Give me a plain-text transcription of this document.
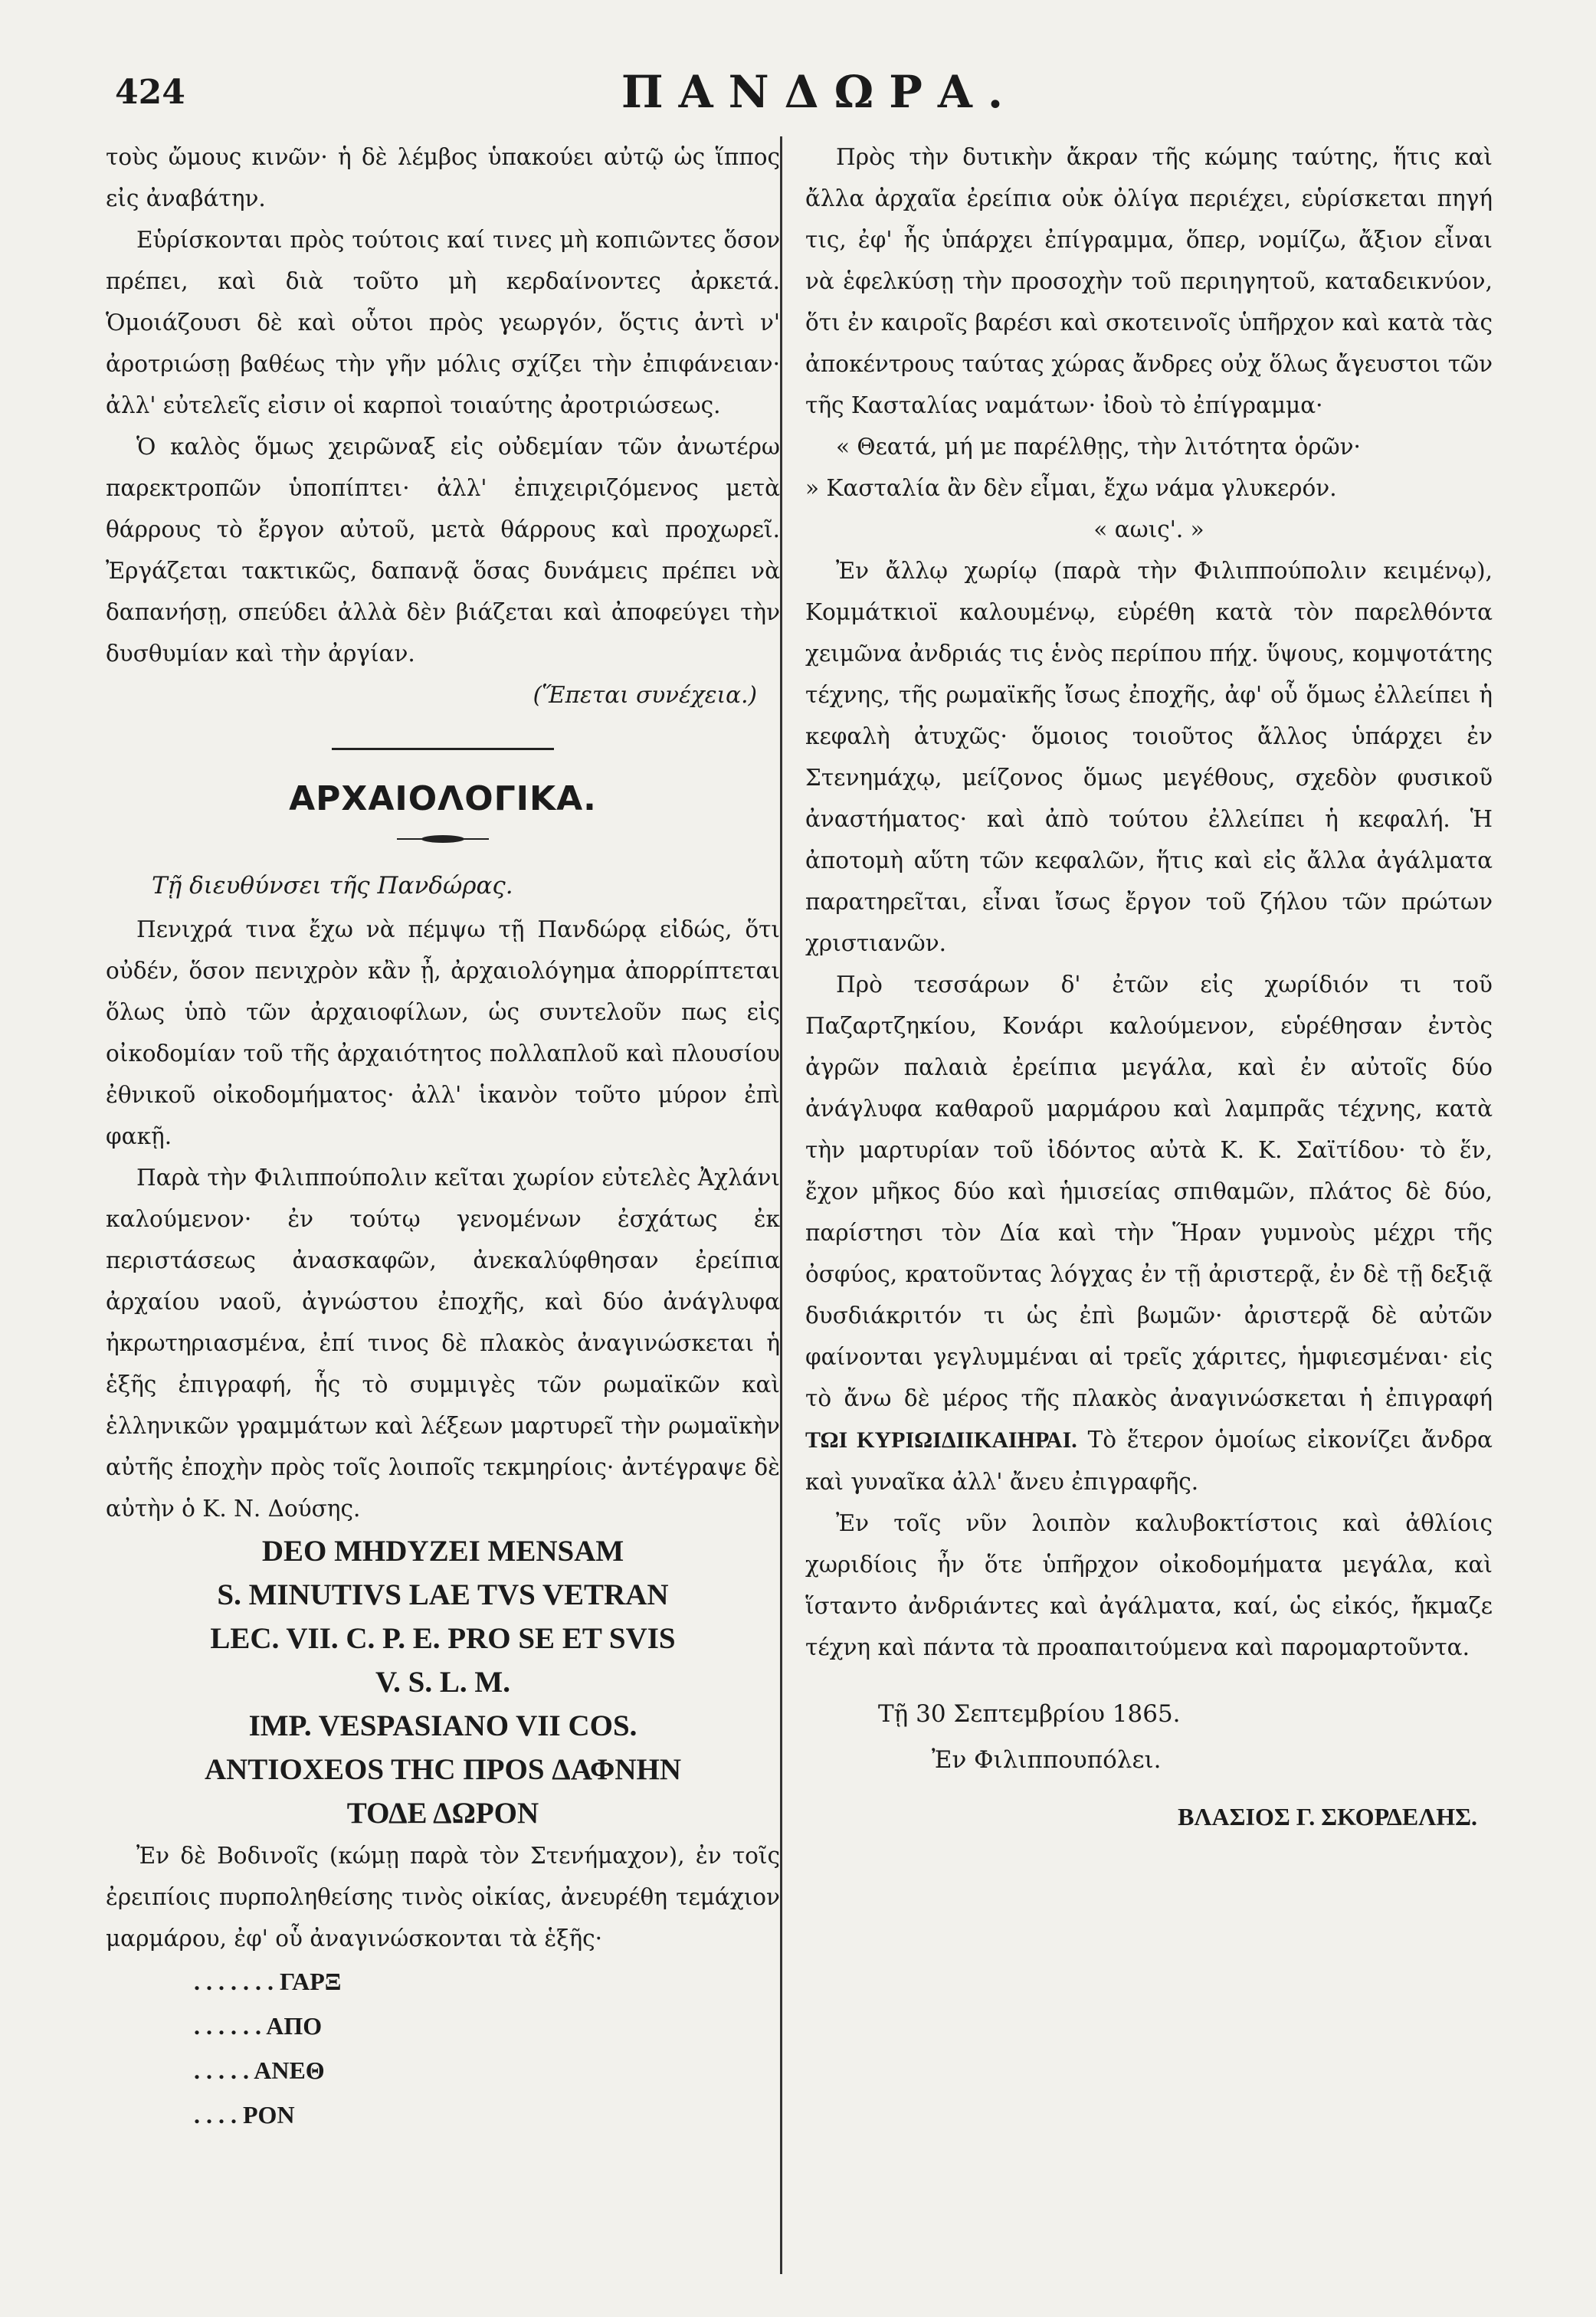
424	ΠΑΝΔΩΡΑ.

τοὺς ὤμους κινῶν· ἡ δὲ λέμβος ὑπακούει αὐτῷ ὡς ἵππος εἰς ἀναβάτην.

Εὑρίσκονται πρὸς τούτοις καί τινες μὴ κοπιῶντες ὅσον πρέπει, καὶ διὰ τοῦτο μὴ κερδαίνοντες ἀρκετά. Ὁμοιάζουσι δὲ καὶ οὗτοι πρὸς γεωργόν, ὅςτις ἀντὶ ν' ἀροτριώσῃ βαθέως τὴν γῆν μόλις σχίζει τὴν ἐπιφάνειαν· ἀλλ' εὐτελεῖς εἰσιν οἱ καρποὶ τοιαύτης ἀροτριώσεως.

Ὁ καλὸς ὅμως χειρῶναξ εἰς οὐδεμίαν τῶν ἀνωτέρω παρεκτροπῶν ὑποπίπτει· ἀλλ' ἐπιχειριζόμενος μετὰ θάρρους τὸ ἔργον αὐτοῦ, μετὰ θάρρους καὶ προχωρεῖ. Ἐργάζεται τακτικῶς, δαπανᾷ ὅσας δυνάμεις πρέπει νὰ δαπανήσῃ, σπεύδει ἀλλὰ δὲν βιάζεται καὶ ἀποφεύγει τὴν δυσθυμίαν καὶ τὴν ἀργίαν.

(Ἕπεται συνέχεια.)

ΑΡΧΑΙΟΛΟΓΙΚΑ.

Τῇ διευθύνσει τῆς Πανδώρας.

Πενιχρά τινα ἔχω νὰ πέμψω τῇ Πανδώρᾳ εἰδώς, ὅτι οὐδέν, ὅσον πενιχρὸν κἂν ᾖ, ἀρχαιολόγημα ἀπορρίπτεται ὅλως ὑπὸ τῶν ἀρχαιοφίλων, ὡς συντελοῦν πως εἰς οἰκοδομίαν τοῦ τῆς ἀρχαιότητος πολλαπλοῦ καὶ πλουσίου ἐθνικοῦ οἰκοδομήματος· ἀλλ' ἱκανὸν τοῦτο μύρον ἐπὶ φακῇ.

Παρὰ τὴν Φιλιππούπολιν κεῖται χωρίον εὐτελὲς Ἀχλάνι καλούμενον· ἐν τούτῳ γενομένων ἐσχάτως ἐκ περιστάσεως ἀνασκαφῶν, ἀνεκαλύφθησαν ἐρείπια ἀρχαίου ναοῦ, ἀγνώστου ἐποχῆς, καὶ δύο ἀνάγλυφα ἠκρωτηριασμένα, ἐπί τινος δὲ πλακὸς ἀναγινώσκεται ἡ ἑξῆς ἐπιγραφή, ἧς τὸ συμμιγὲς τῶν ρωμαϊκῶν καὶ ἑλληνικῶν γραμμάτων καὶ λέξεων μαρτυρεῖ τὴν ρωμαϊκὴν αὐτῆς ἐποχὴν πρὸς τοῖς λοιποῖς τεκμηρίοις· ἀντέγραψε δὲ αὐτὴν ὁ Κ. Ν. Δούσης.

DEO MHDYZEI MENSAM
S. MINUTIVS LAE TVS VETRAN
LEC. VII. C. P. E. PRO SE ET SVIS
V. S. L. M.
IMP. VESPASIANO VII COS.
ANTIOXEOS THC ΠΡΟS ΔΑΦΝΗΝ
ΤΟΔΕ ΔΩΡΟΝ

Ἐν δὲ Βοδινοῖς (κώμῃ παρὰ τὸν Στενήμαχον), ἐν τοῖς ἐρειπίοις πυρποληθείσης τινὸς οἰκίας, ἀνευρέθη τεμάχιον μαρμάρου, ἐφ' οὗ ἀναγινώσκονται τὰ ἑξῆς·

. . . . . . . ΓΑΡΞ
. . . . . . ΑΠΟ
. . . . . ΑΝΕΘ
. . . . ΡΟΝ

Πρὸς τὴν δυτικὴν ἄκραν τῆς κώμης ταύτης, ἥτις καὶ ἄλλα ἀρχαῖα ἐρείπια οὐκ ὀλίγα περιέχει, εὑρίσκεται πηγή τις, ἐφ' ἧς ὑπάρχει ἐπίγραμμα, ὅπερ, νομίζω, ἄξιον εἶναι νὰ ἑφελκύσῃ τὴν προσοχὴν τοῦ περιηγητοῦ, καταδεικνύον, ὅτι ἐν καιροῖς βαρέσι καὶ σκοτεινοῖς ὑπῆρχον καὶ κατὰ τὰς ἀποκέντρους ταύτας χώρας ἄνδρες οὐχ ὅλως ἄγευστοι τῶν τῆς Κασταλίας ναμάτων· ἰδοὺ τὸ ἐπίγραμμα·

« Θεατά, μή με παρέλθῃς, τὴν λιτότητα ὁρῶν·

» Κασταλία ἂν δὲν εἶμαι, ἔχω νάμα γλυκερόν.

« αωις'. »

Ἐν ἄλλῳ χωρίῳ (παρὰ τὴν Φιλιππούπολιν κειμένῳ), Κομμάτκιοϊ καλουμένῳ, εὑρέθη κατὰ τὸν παρελθόντα χειμῶνα ἀνδριάς τις ἑνὸς περίπου πήχ. ὕψους, κομψοτάτης τέχνης, τῆς ρωμαϊκῆς ἴσως ἐποχῆς, ἀφ' οὗ ὅμως ἐλλείπει ἡ κεφαλὴ ἀτυχῶς· ὅμοιος τοιοῦτος ἄλλος ὑπάρχει ἐν Στενημάχῳ, μείζονος ὅμως μεγέθους, σχεδὸν φυσικοῦ ἀναστήματος· καὶ ἀπὸ τούτου ἐλλείπει ἡ κεφαλή. Ἡ ἀποτομὴ αὕτη τῶν κεφαλῶν, ἥτις καὶ εἰς ἄλλα ἀγάλματα παρατηρεῖται, εἶναι ἴσως ἔργον τοῦ ζήλου τῶν πρώτων χριστιανῶν.

Πρὸ τεσσάρων δ' ἐτῶν εἰς χωρίδιόν τι τοῦ Παζαρτζηκίου, Κονάρι καλούμενον, εὑρέθησαν ἐντὸς ἀγρῶν παλαιὰ ἐρείπια μεγάλα, καὶ ἐν αὐτοῖς δύο ἀνάγλυφα καθαροῦ μαρμάρου καὶ λαμπρᾶς τέχνης, κατὰ τὴν μαρτυρίαν τοῦ ἰδόντος αὐτὰ Κ. Κ. Σαϊτίδου· τὸ ἕν, ἔχον μῆκος δύο καὶ ἡμισείας σπιθαμῶν, πλάτος δὲ δύο, παρίστησι τὸν Δία καὶ τὴν Ἥραν γυμνοὺς μέχρι τῆς ὀσφύος, κρατοῦντας λόγχας ἐν τῇ ἀριστερᾷ, ἐν δὲ τῇ δεξιᾷ δυσδιάκριτόν τι ὡς ἐπὶ βωμῶν· ἀριστερᾷ δὲ αὐτῶν φαίνονται γεγλυμμέναι αἱ τρεῖς χάριτες, ἡμφιεσμέναι· εἰς τὸ ἄνω δὲ μέρος τῆς πλακὸς ἀναγινώσκεται ἡ ἐπιγραφή ΤΩΙ ΚΥΡΙΩΙΔΙΙΚΑΙΗΡΑΙ. Τὸ ἕτερον ὁμοίως εἰκονίζει ἄνδρα καὶ γυναῖκα ἀλλ' ἄνευ ἐπιγραφῆς.

Ἐν τοῖς νῦν λοιπὸν καλυβοκτίστοις καὶ ἀθλίοις χωριδίοις ἦν ὅτε ὑπῆρχον οἰκοδομήματα μεγάλα, καὶ ἵσταντο ἀνδριάντες καὶ ἀγάλματα, καί, ὡς εἰκός, ἤκμαζε τέχνη καὶ πάντα τὰ προαπαιτούμενα καὶ παρομαρτοῦντα.

Τῇ 30 Σεπτεμβρίου 1865.
Ἐν Φιλιππουπόλει.
ΒΛΑΣΙΟΣ Γ. ΣΚΟΡΔΕΛΗΣ.
